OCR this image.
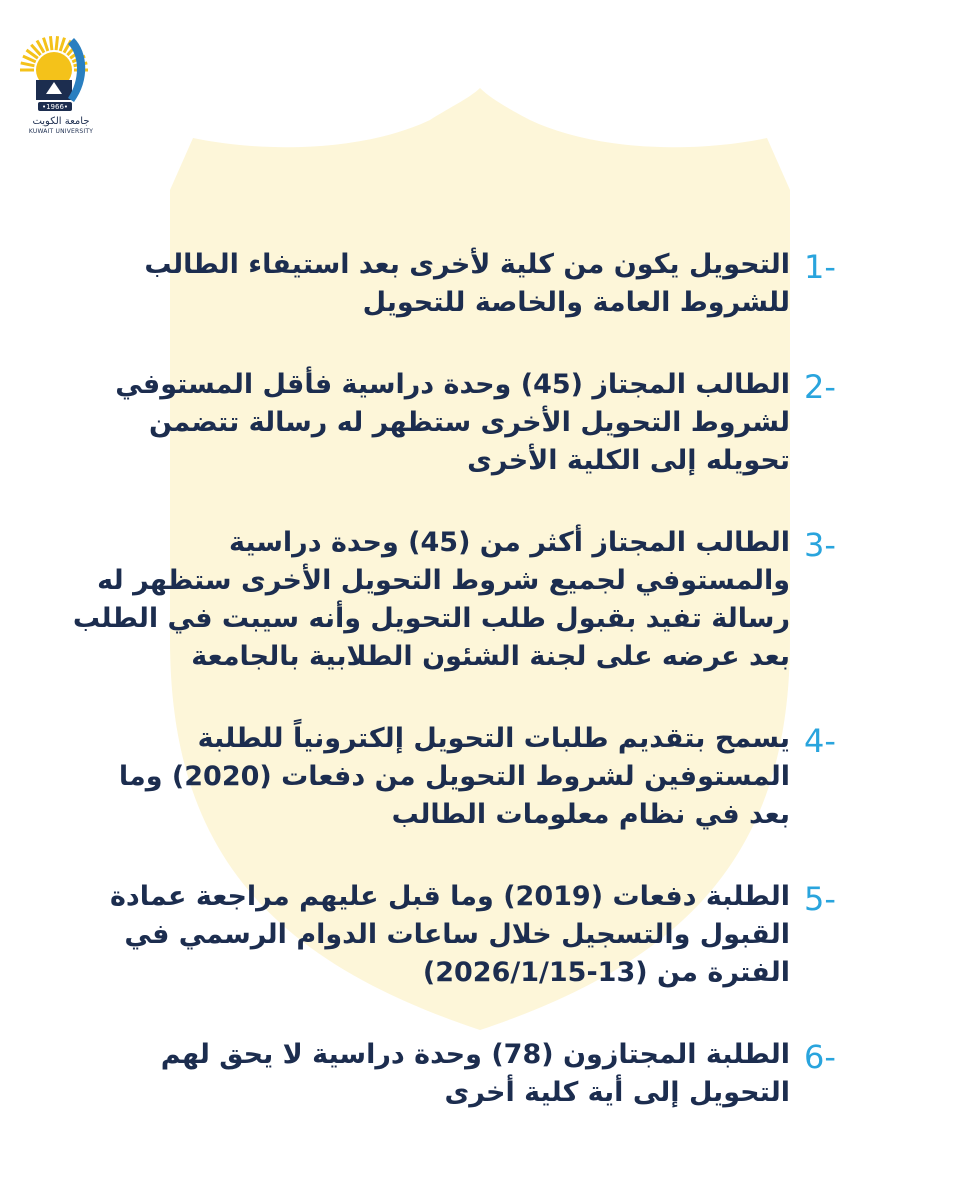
•1966•
جامعة الكويت
KUWAIT UNIVERSITY
1-
التحويل يكون من كلية لأخرى بعد استيفاء الطالب للشروط العامة والخاصة للتحويل
2-
الطالب المجتاز (45) وحدة دراسية فأقل المستوفي لشروط التحويل الأخرى ستظهر له رسالة تتضمن تحويله إلى الكلية الأخرى
3-
الطالب المجتاز أكثر من (45) وحدة دراسية والمستوفي لجميع شروط التحويل الأخرى ستظهر له رسالة تفيد بقبول طلب التحويل وأنه سيبت في الطلب بعد عرضه على لجنة الشئون الطلابية بالجامعة
4-
يسمح بتقديم طلبات التحويل إلكترونياً للطلبة المستوفين لشروط التحويل من دفعات (2020) وما بعد في نظام معلومات الطالب
5-
الطلبة دفعات (2019) وما قبل عليهم مراجعة عمادة القبول والتسجيل خلال ساعات الدوام الرسمي في الفترة من (13-2026/1/15)
6-
الطلبة المجتازون (78) وحدة دراسية لا يحق لهم التحويل إلى أية كلية أخرى
